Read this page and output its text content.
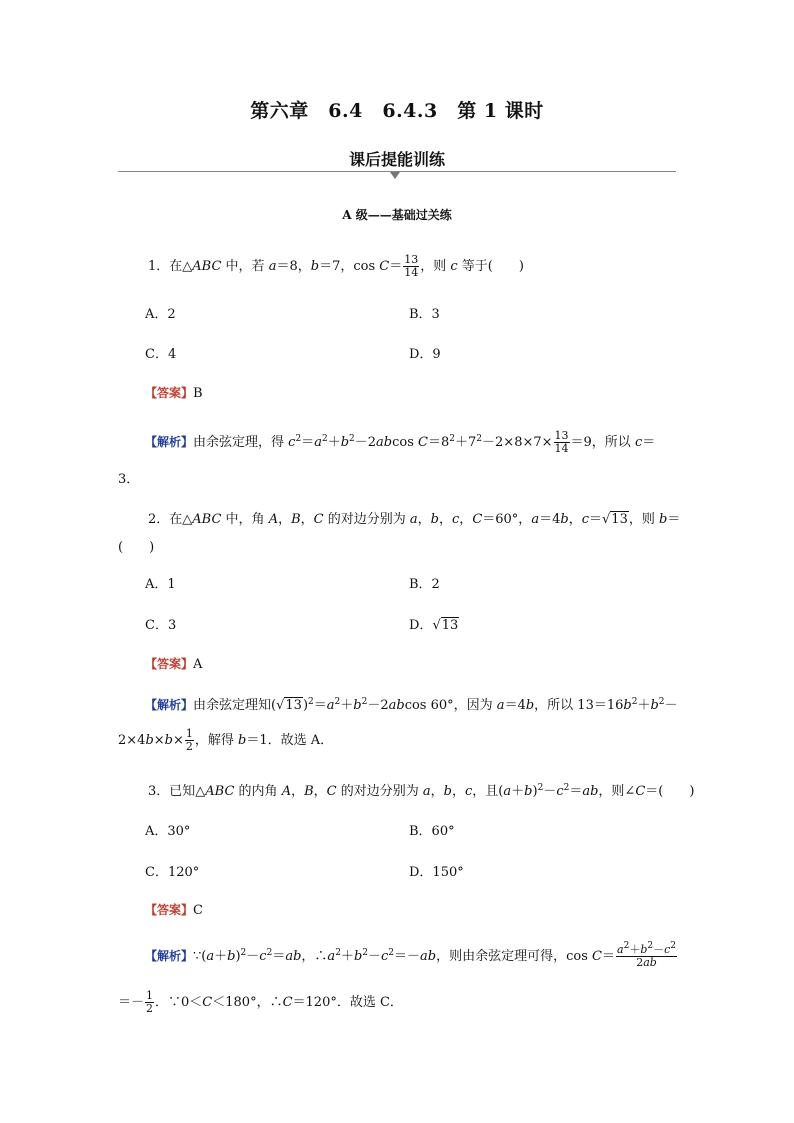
第六章　6.4　6.4.3　第 1 课时
课后提能训练
A 级——基础过关练
1．在△ABC 中，若 a＝8，b＝7，$\cos C= \frac{13}{14}$ ，则 c 等于(　　)
A．2	B．3
C．4	D．9
【答案】B
【解析】由余弦定理，得 $c^2=a^2+b^2-2abcos$ $C=8^2+7^2-2\times 8\times 7\times \frac{13}{14} =9$，所以 c＝
3．
2．在△ABC 中，角 A，B，C 的对边分别为 a，b，c，C＝60°，a＝4b，c＝√13，则 b＝
(　　)
A．1	B．2
C．3	D．√13
【答案】A
【解析】由余弦定理知$(√13)^2=a^2+b^2-2abcos$ 60°，因为 a＝4b，所以 $13=16b^2+b^2-$
$2\times 4b\times b\times \frac{1}{2}$ ，解得 b＝1．故选 A．
3．已知△ABC 的内角 A，B，C 的对边分别为 a，b，c，且$(a+b)^2-c^2=ab$，则∠C＝(　　)
A．30°	B．60°
C．120°	D．150°
【答案】C
【解析】$\because(a+b)^2-c^2=ab$，$\therefore a^2+b^2-c^2=-ab$，则由余弦定理可得，$\cos C= \frac{a^2+b^2-c^2}{2ab}$
＝－ $\frac{1}{2}$ ．∵0＜C＜180°，∴C＝120°．故选 C．
